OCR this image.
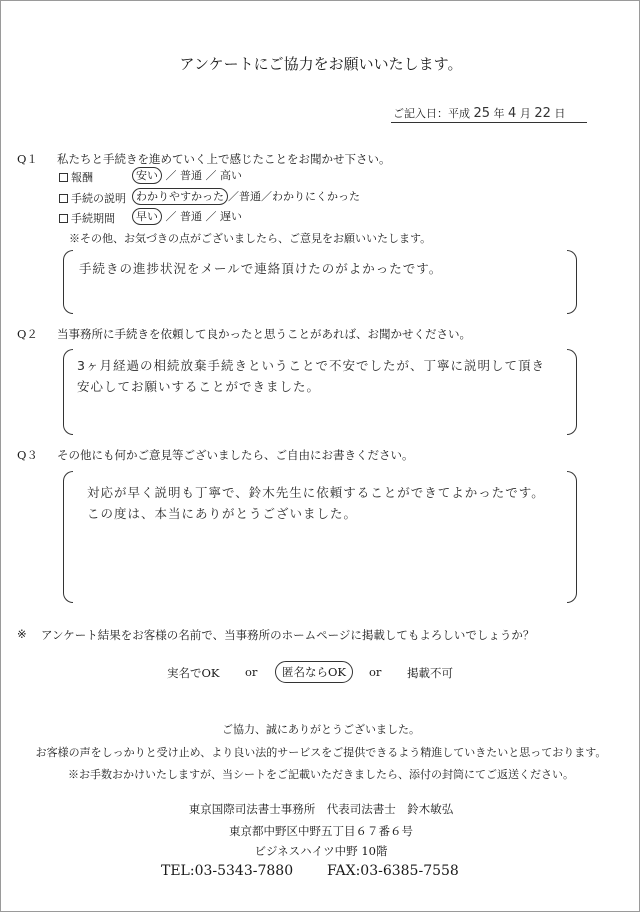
アンケートにご協力をお願いいたします。
ご記入日：平成 25 年 4 月 22 日
Q１ 私たちと手続きを進めていく上で感じたことをお聞かせ下さい。
報酬	安い ／ 普通 ／ 高い
手続の説明 わかりやすかった ／普通／わかりにくかった
手続期間	早い ／ 普通 ／ 遅い
※その他、お気づきの点がございましたら、ご意見をお願いいたします。
手続きの進捗状況をメールで連絡頂けたのがよかったです。
Q２ 当事務所に手続きを依頼して良かったと思うことがあれば、お聞かせください。
3ヶ月経過の相続放棄手続きということで不安でしたが、丁寧に説明して頂き
安心してお願いすることができました。
Q３ その他にも何かご意見等ございましたら、ご自由にお書きください。
対応が早く説明も丁寧で、鈴木先生に依頼することができてよかったです。
この度は、本当にありがとうございました。
※ アンケート結果をお客様の名前で、当事務所のホームページに掲載してもよろしいでしょうか？
実名でOK or	匿名ならOK	or 掲載不可
ご協力、誠にありがとうございました。
お客様の声をしっかりと受け止め、より良い法的サービスをご提供できるよう精進していきたいと思っております。
※お手数おかけいたしますが、当シートをご記載いただきましたら、添付の封筒にてご返送ください。
東京国際司法書士事務所　代表司法書士　鈴木敏弘
東京都中野区中野五丁目６７番６号
ビジネスハイツ中野 10階
TEL:03-5343-7880 FAX:03-6385-7558
